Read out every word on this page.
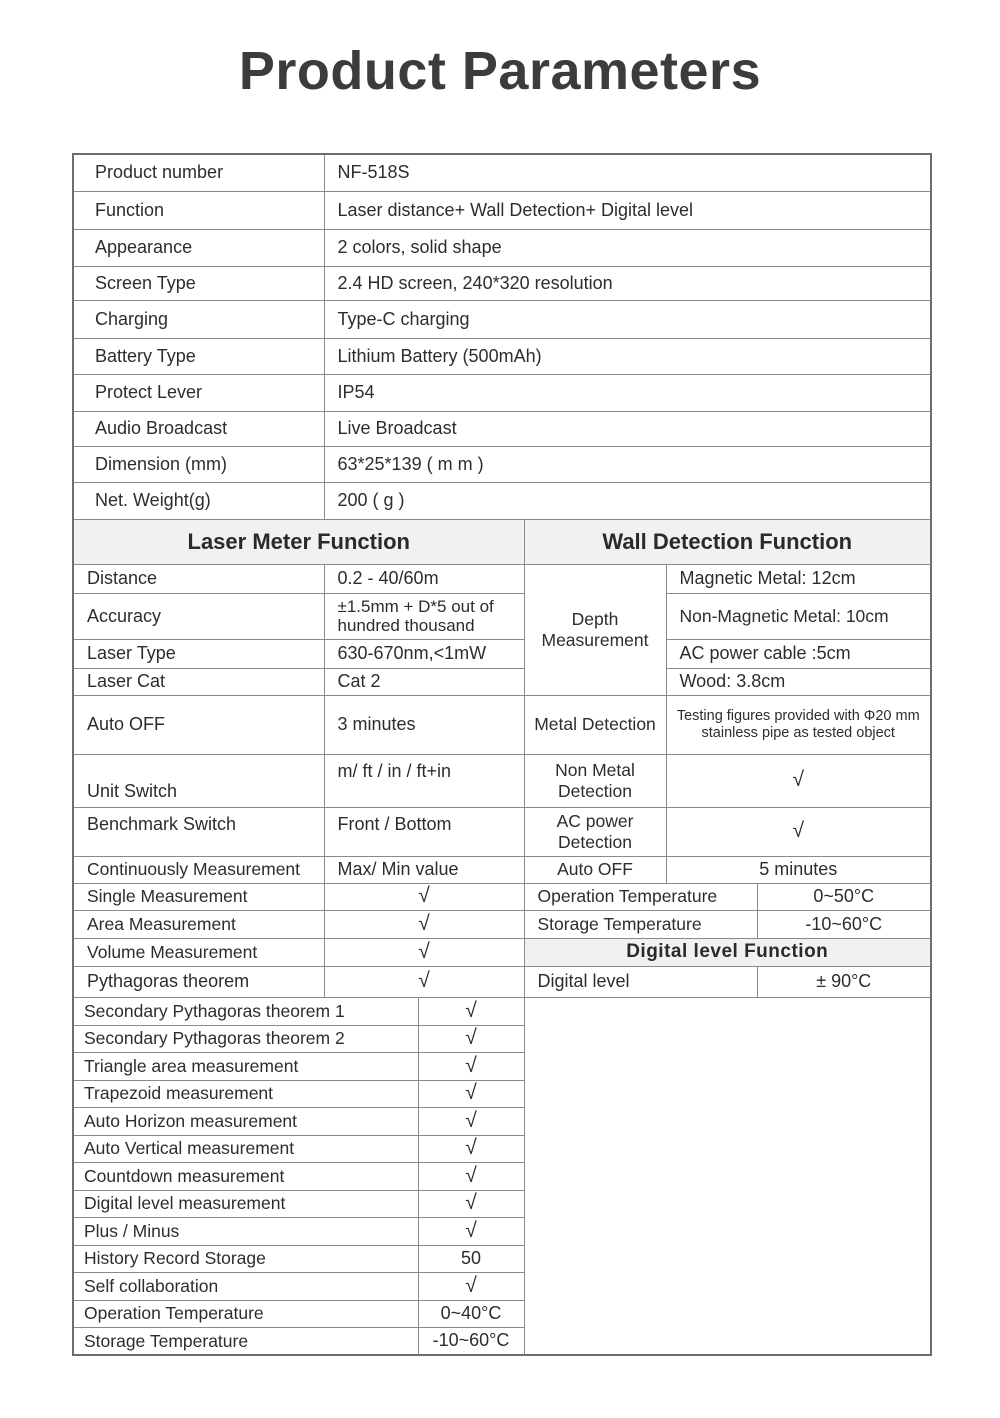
Product Parameters
Product number	NF-518S				
Function	Laser distance+ Wall Detection+ Digital level				
Appearance	2 colors, solid shape				
Screen Type	2.4 HD screen, 240*320 resolution				
Charging	Type-C charging				
Battery Type	Lithium Battery (500mAh)				
Protect Lever	IP54				
Audio Broadcast	Live Broadcast				
Dimension (mm)	63*25*139 ( m m )				
Net. Weight(g)	200 ( g )				
Laser Meter Function			Wall Detection Function		
Distance	0.2 - 40/60m		Depth Measurement	Magnetic Metal: 12cm	
Accuracy	±1.5mm + D*5 out of hundred thousand			Non-Magnetic Metal: 10cm	
Laser Type	630-670nm,<1mW			AC power cable :5cm	
Laser Cat	Cat 2			Wood: 3.8cm	
Auto OFF	3 minutes		Metal Detection	Testing figures provided with Φ20 mm stainless pipe as tested object	
Unit Switch	m/ ft / in / ft+in		Non Metal Detection	√	
Benchmark Switch	Front / Bottom		AC power Detection	√	
Continuously Measurement	Max/ Min value		Auto OFF	5 minutes	
Single Measurement	√		Operation Temperature		0~50°C
Area Measurement	√		Storage Temperature		-10~60°C
Volume Measurement	√		Digital level Function		
Pythagoras theorem	√		Digital level		± 90°C
Secondary Pythagoras theorem 1		√			
Secondary Pythagoras theorem 2		√			
Triangle area measurement		√			
Trapezoid measurement		√			
Auto Horizon measurement		√			
Auto Vertical measurement		√			
Countdown measurement		√			
Digital level measurement		√			
Plus / Minus		√			
History Record Storage		50			
Self collaboration		√			
Operation Temperature		0~40°C			
Storage Temperature		-10~60°C			
